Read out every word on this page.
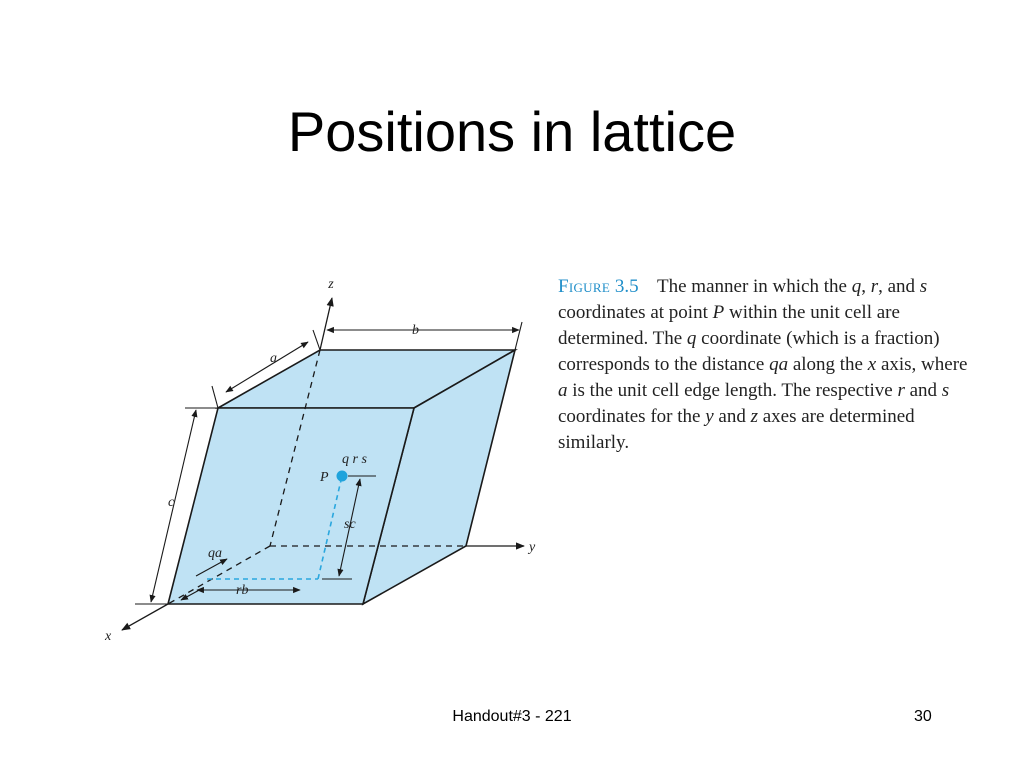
Positions in lattice
z
y
x
a
b
c
P
q r s
sc
qa
rb
Figure 3.5 The manner in which the q, r, and s coordinates at point P within the unit cell are determined. The q coordinate (which is a fraction) corresponds to the distance qa along the x axis, where a is the unit cell edge length. The respective r and s coordinates for the y and z axes are determined similarly.
Handout#3 - 221	30
